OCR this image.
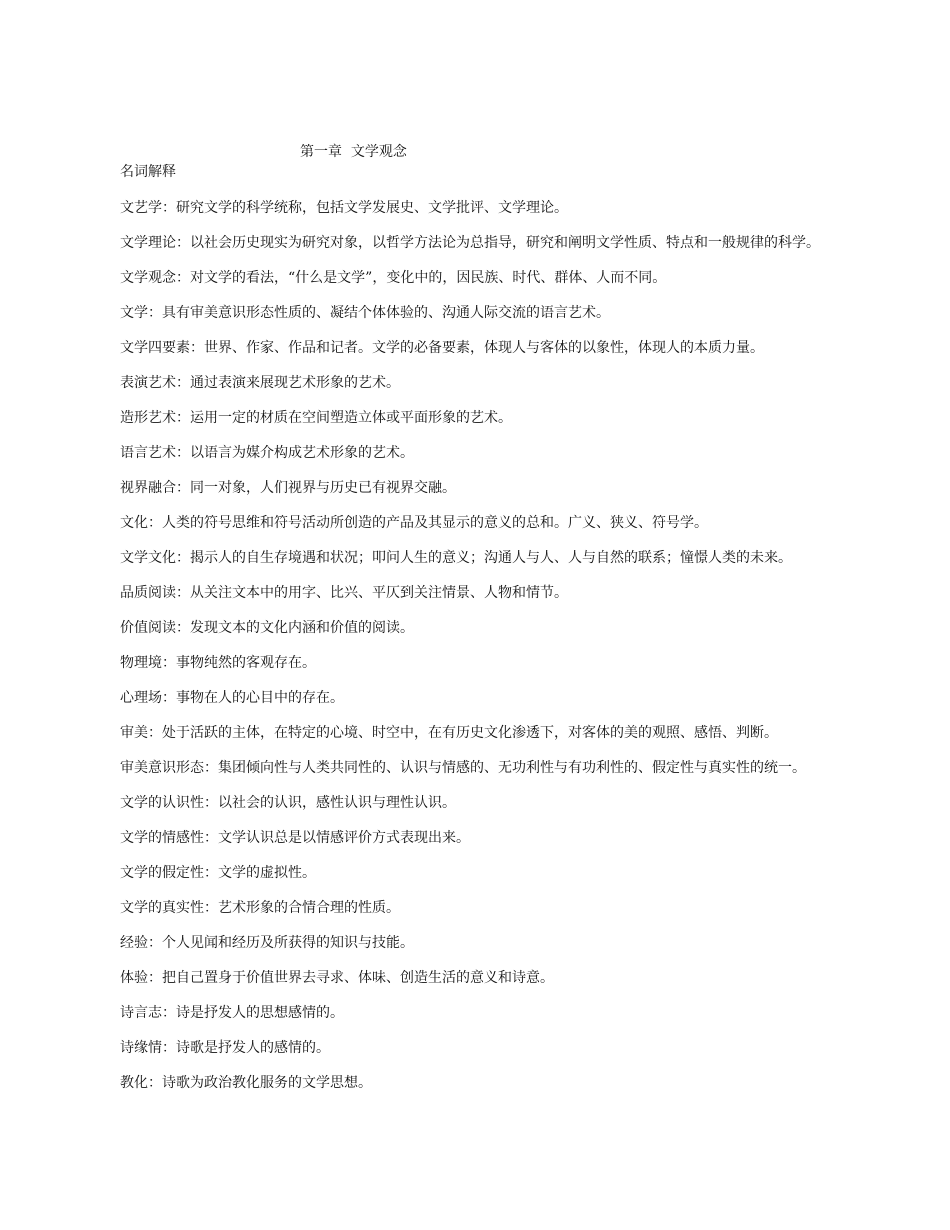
第一章  文学观念
名词解释

文艺学：研究文学的科学统称，包括文学发展史、文学批评、文学理论。

文学理论：以社会历史现实为研究对象，以哲学方法论为总指导，研究和阐明文学性质、特点和一般规律的科学。

文学观念：对文学的看法，“什么是文学”，变化中的，因民族、时代、群体、人而不同。

文学：具有审美意识形态性质的、凝结个体体验的、沟通人际交流的语言艺术。

文学四要素：世界、作家、作品和记者。文学的必备要素，体现人与客体的以象性，体现人的本质力量。

表演艺术：通过表演来展现艺术形象的艺术。

造形艺术：运用一定的材质在空间塑造立体或平面形象的艺术。

语言艺术：以语言为媒介构成艺术形象的艺术。

视界融合：同一对象，人们视界与历史已有视界交融。

文化：人类的符号思维和符号活动所创造的产品及其显示的意义的总和。广义、狭义、符号学。

文学文化：揭示人的自生存境遇和状况；叩问人生的意义；沟通人与人、人与自然的联系；憧憬人类的未来。

品质阅读：从关注文本中的用字、比兴、平仄到关注情景、人物和情节。

价值阅读：发现文本的文化内涵和价值的阅读。

物理境：事物纯然的客观存在。

心理场：事物在人的心目中的存在。

审美：处于活跃的主体，在特定的心境、时空中，在有历史文化渗透下，对客体的美的观照、感悟、判断。

审美意识形态：集团倾向性与人类共同性的、认识与情感的、无功利性与有功利性的、假定性与真实性的统一。

文学的认识性：以社会的认识，感性认识与理性认识。

文学的情感性：文学认识总是以情感评价方式表现出来。

文学的假定性：文学的虚拟性。

文学的真实性：艺术形象的合情合理的性质。

经验：个人见闻和经历及所获得的知识与技能。

体验：把自己置身于价值世界去寻求、体味、创造生活的意义和诗意。

诗言志：诗是抒发人的思想感情的。

诗缘情：诗歌是抒发人的感情的。

教化：诗歌为政治教化服务的文学思想。
